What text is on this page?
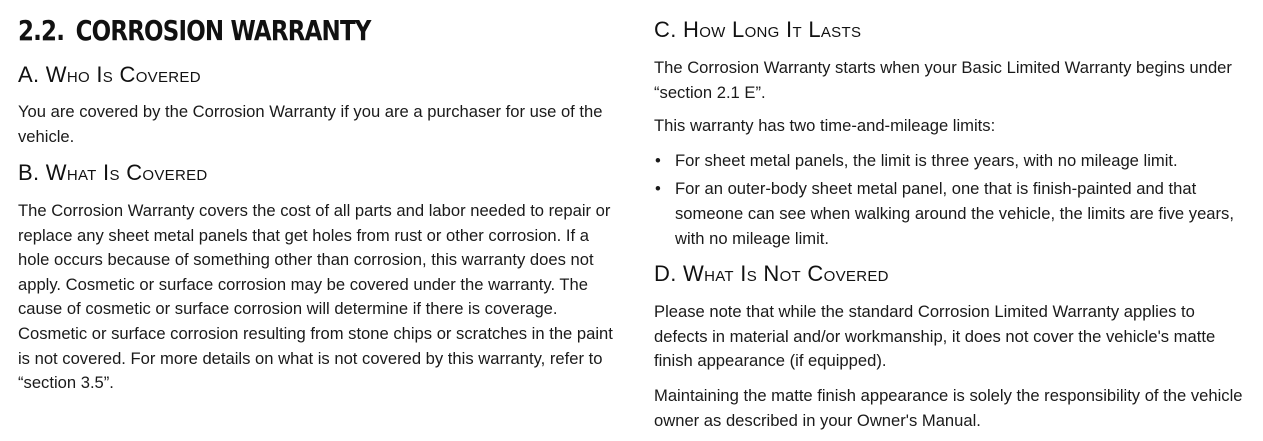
2.2. CORROSION WARRANTY
A. Who Is Covered

You are covered by the Corrosion Warranty if you are a purchaser for use of the vehicle.

B. What Is Covered

The Corrosion Warranty covers the cost of all parts and labor needed to repair or replace any sheet metal panels that get holes from rust or other corrosion. If a hole occurs because of something other than corrosion, this warranty does not apply. Cosmetic or surface corrosion may be covered under the warranty. The cause of cosmetic or surface corrosion will determine if there is coverage. Cosmetic or surface corrosion resulting from stone chips or scratches in the paint is not covered. For more details on what is not covered by this warranty, refer to “section 3.5”.

C. How Long It Lasts

The Corrosion Warranty starts when your Basic Limited Warranty begins under “section 2.1 E”.

This warranty has two time-and-mileage limits:

• For sheet metal panels, the limit is three years, with no mileage limit.
• For an outer-body sheet metal panel, one that is finish-painted and that someone can see when walking around the vehicle, the limits are five years, with no mileage limit.
D. What Is Not Covered

Please note that while the standard Corrosion Limited Warranty applies to defects in material and/or workmanship, it does not cover the vehicle's matte finish appearance (if equipped).

Maintaining the matte finish appearance is solely the responsibility of the vehicle owner as described in your Owner's Manual.
